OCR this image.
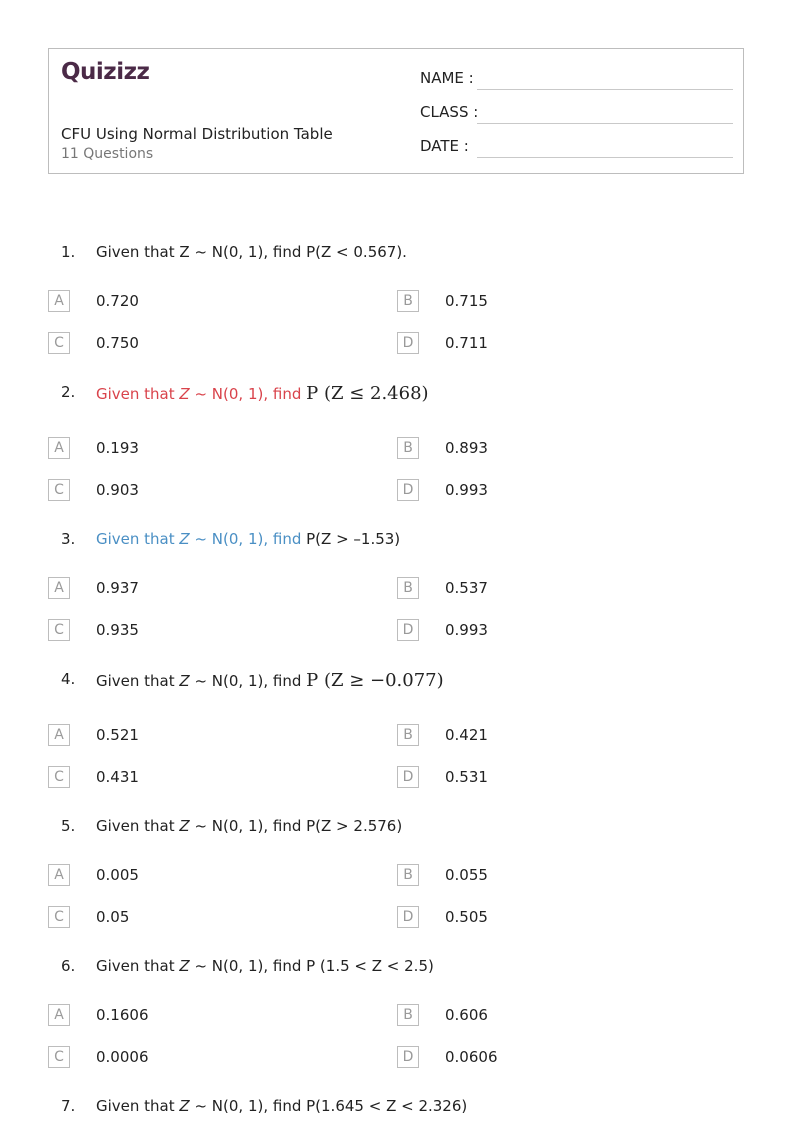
Quizizz
CFU Using Normal Distribution Table
11 Questions
NAME :
CLASS :
DATE :
1. Given that Z ~ N(0, 1), find P(Z < 0.567).
A	0.720	B	0.715
C	0.750	D	0.711
2. Given that Z ~ N(0, 1), find P (Z ≤ 2.468)
A	0.193	B	0.893
C	0.903	D	0.993
3. Given that Z ~ N(0, 1), find P(Z > –1.53)
A	0.937	B	0.537
C	0.935	D	0.993
4. Given that Z ~ N(0, 1), find P (Z ≥ −0.077)
A	0.521	B	0.421
C	0.431	D	0.531
5. Given that Z ~ N(0, 1), find P(Z > 2.576)
A	0.005	B	0.055
C	0.05	D	0.505
6. Given that Z ~ N(0, 1), find P (1.5 < Z < 2.5)
A	0.1606	B	0.606
C	0.0006	D	0.0606
7. Given that Z ~ N(0, 1), find P(1.645 < Z < 2.326)
